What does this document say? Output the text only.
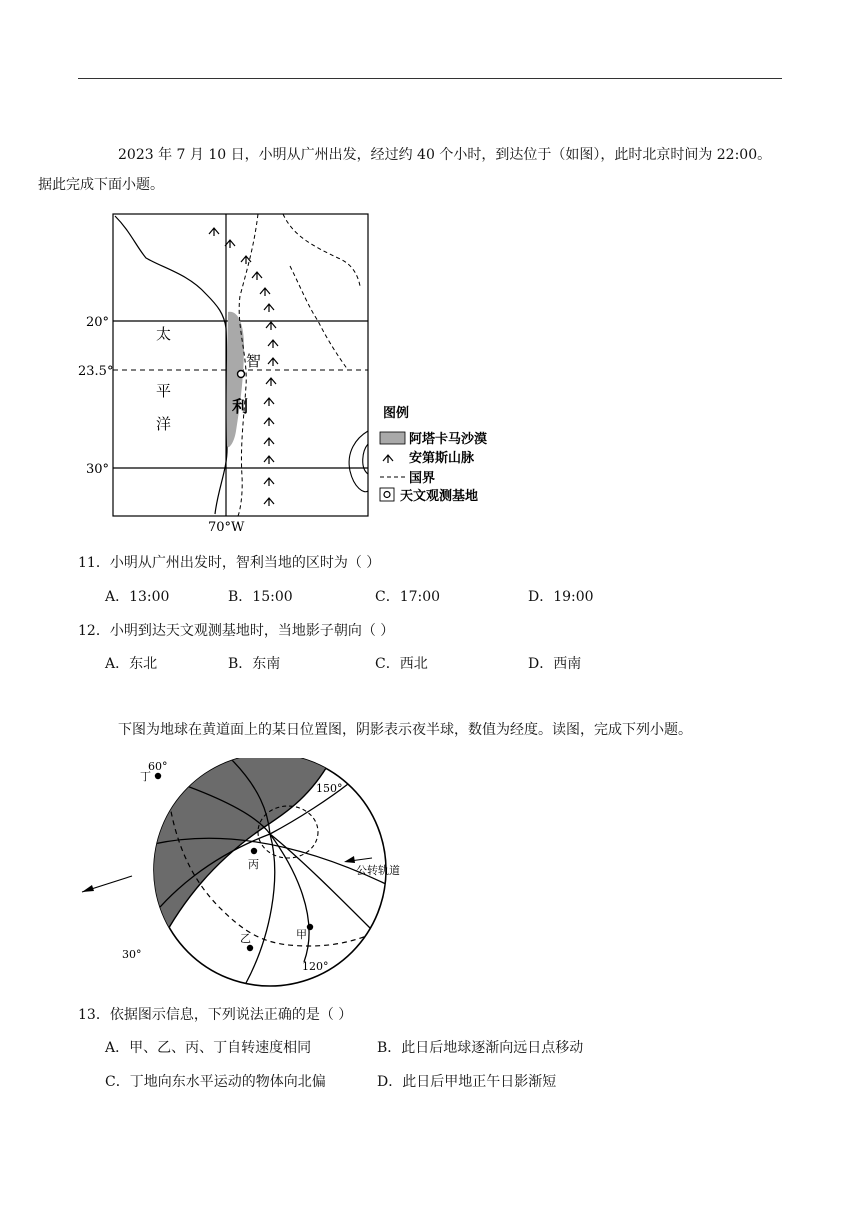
2023 年 7 月 10 日，小明从广州出发，经过约 40 个小时，到达位于（如图），此时北京时间为 22:00。
据此完成下面小题。
20°
23.5°
30°
70°W
太
平
洋
智
利	图例
阿塔卡马沙漠
安第斯山脉
国界
天文观测基地
11．小明从广州出发时，智利当地的区时为（ ）
A．13:00	B．15:00	C．17:00	D．19:00
12．小明到达天文观测基地时，当地影子朝向（ ）
A．东北	B．东南	C．西北	D．西南
下图为地球在黄道面上的某日位置图，阴影表示夜半球，数值为经度。读图，完成下列小题。
60°
丁
150°
丙
乙	甲
30°
120°
公转轨道
13．依据图示信息，下列说法正确的是（ ）
A．甲、乙、丙、丁自转速度相同	B．此日后地球逐渐向远日点移动
C．丁地向东水平运动的物体向北偏	D．此日后甲地正午日影渐短
